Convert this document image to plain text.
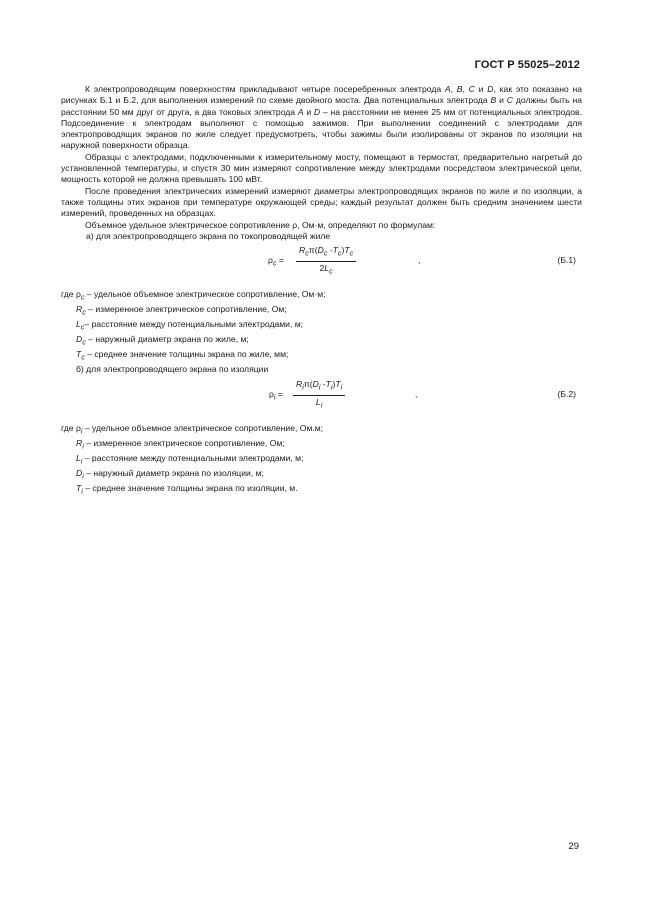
ГОСТ Р 55025–2012

К электропроводящим поверхностям прикладывают четыре посеребренных электрода A, B, C и D, как это показано на рисунках Б.1 и Б.2, для выполнения измерений по схеме двойного моста. Два потенциальных электрода B и C должны быть на расстоянии 50 мм друг от друга, а два токовых электрода A и D – на расстоянии не менее 25 мм от потенциальных электродов. Подсоединение к электродам выполняют с помощью зажимов. При выполнении соединений с электродами для электропроводящих экранов по жиле следует предусмотреть, чтобы зажимы были изолированы от экранов по изоляции на наружной поверхности образца.

Образцы с электродами, подключенными к измерительному мосту, помещают в термостат, предварительно нагретый до установленной температуры, и спустя 30 мин измеряют сопротивление между электродами посредством электрической цепи, мощность которой не должна превышать 100 мВт.

После проведения электрических измерений измеряют диаметры электропроводящих экранов по жиле и по изоляции, а также толщины этих экранов при температуре окружающей среды; каждый результат должен быть средним значением шести измерений, проведенных на образцах.

Объемное удельное электрическое сопротивление ρ, Ом·м, определяют по формулам:

а) для электропроводящего экрана по токопроводящей жиле

$\rho_c$ =
$R_c\pi(D_c$ $-T_c)T_c$
$2L_c$
,	(Б.1)

где $\rho_c$ – удельное объемное электрическое сопротивление, Ом·м;

$R_c$ – измеренное электрическое сопротивление, Ом;

$L_c-$ расстояние между потенциальными электродами, м;

$D_c$ – наружный диаметр экрана по жиле, м;

$T_c$ – среднее значение толщины экрана по жиле, мм;

б) для электропроводящего экрана по изоляции

$\rho_i$ =
$R_i\pi(D_i$ $-T_i)T_i$
$L_i$
,	(Б.2)

где $\rho_i$ – удельное объемное электрическое сопротивление, Ом.м;

$R_i$ – измеренное электрическое сопротивление, Ом;

$L_i$ – расстояние между потенциальными электродами, м;

$D_i$ – наружный диаметр экрана по изоляции, м;

$T_i$ – среднее значение толщины экрана по изоляции, м.

29
